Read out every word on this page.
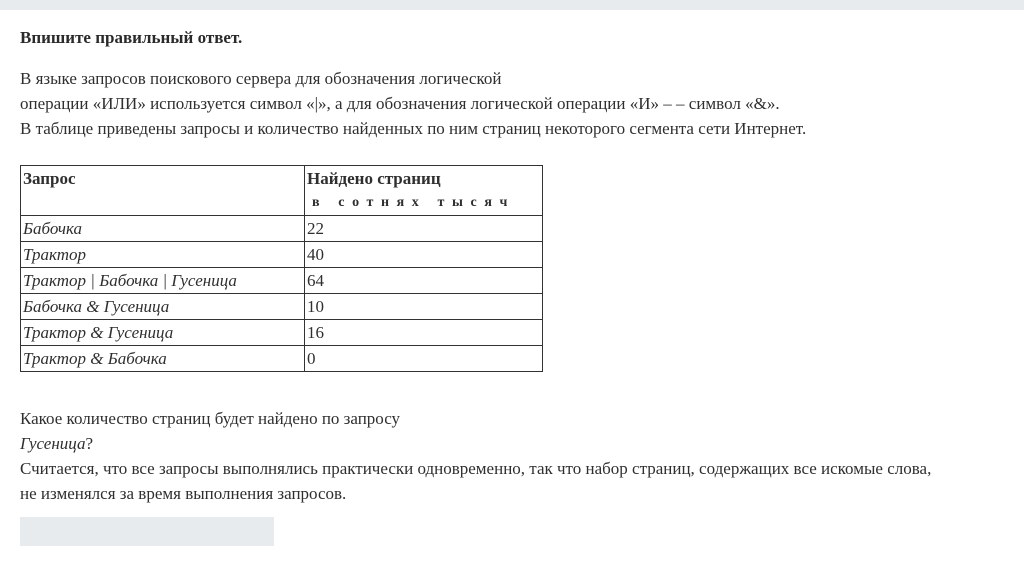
Впишите правильный ответ.
В языке запросов поискового сервера для обозначения логической
операции «ИЛИ» используется символ «|», а для обозначения логической операции «И» – – символ «&».
В таблице приведены запросы и количество найденных по ним страниц некоторого сегмента сети Интернет.
Запрос	Найдено страниц
в сотнях тысяч

Бабочка	22
Трактор	40
Трактор | Бабочка | Гусеница	64
Бабочка & Гусеница	10
Трактор & Гусеница	16
Трактор & Бабочка	0
Какое количество страниц будет найдено по запросу
Гусеница?
Считается, что все запросы выполнялись практически одновременно, так что набор страниц, содержащих все искомые слова,
не изменялся за время выполнения запросов.
